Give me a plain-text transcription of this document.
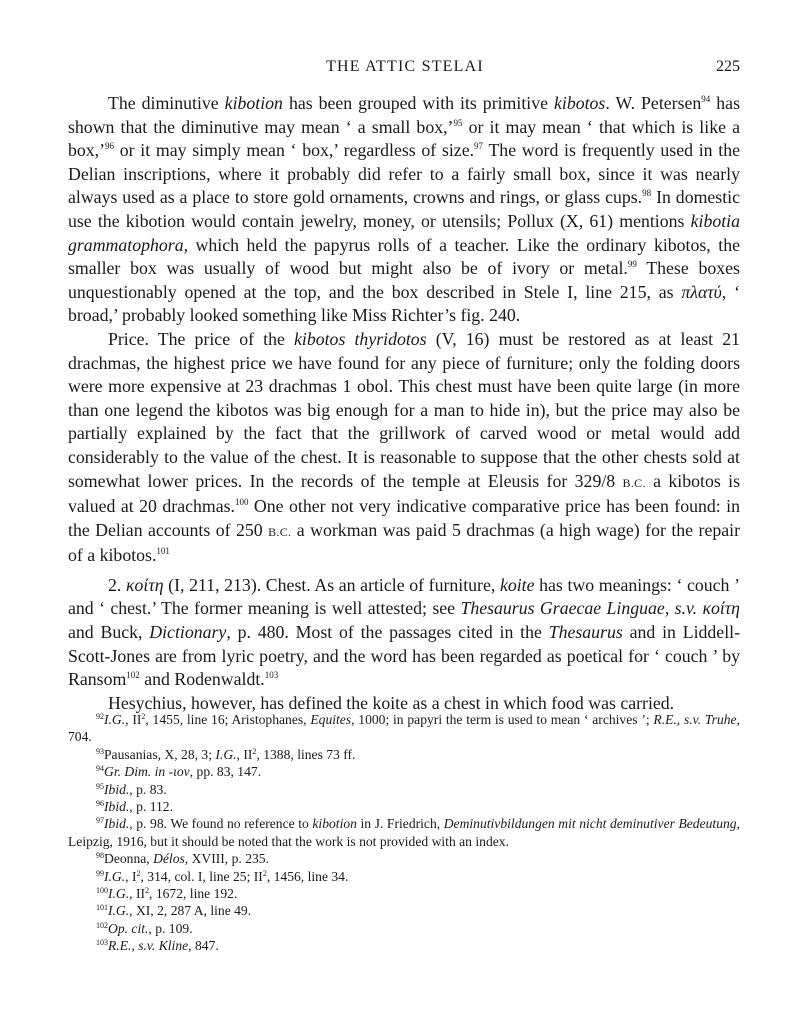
THE ATTIC STELAI	225

The diminutive kibotion has been grouped with its primitive kibotos. W. Petersen$^{94}$ has shown that the diminutive may mean ‘ a small box,’$^{95}$ or it may mean ‘ that which is like a box,’$^{96}$ or it may simply mean ‘ box,’ regardless of size.$^{97}$ The word is frequently used in the Delian inscriptions, where it probably did refer to a fairly small box, since it was nearly always used as a place to store gold ornaments, crowns and rings, or glass cups.$^{98}$ In domestic use the kibotion would contain jewelry, money, or utensils; Pollux (X, 61) mentions kibotia grammatophora, which held the papyrus rolls of a teacher. Like the ordinary kibotos, the smaller box was usually of wood but might also be of ivory or metal.$^{99}$ These boxes unquestionably opened at the top, and the box described in Stele I, line 215, as πλατύ, ‘ broad,’ probably looked something like Miss Richter’s fig. 240.

Price. The price of the kibotos thyridotos (V, 16) must be restored as at least 21 drachmas, the highest price we have found for any piece of furniture; only the folding doors were more expensive at 23 drachmas 1 obol. This chest must have been quite large (in more than one legend the kibotos was big enough for a man to hide in), but the price may also be partially explained by the fact that the grillwork of carved wood or metal would add considerably to the value of the chest. It is reasonable to suppose that the other chests sold at somewhat lower prices. In the records of the temple at Eleusis for 329/8 B.C. a kibotos is valued at 20 drachmas.$^{100}$ One other not very indicative comparative price has been found: in the Delian accounts of 250 B.C. a workman was paid 5 drachmas (a high wage) for the repair of a kibotos.$^{101}$

2. κοίτη (I, 211, 213). Chest. As an article of furniture, koite has two meanings: ‘ couch ’ and ‘ chest.’ The former meaning is well attested; see Thesaurus Graecae Linguae, s.v. κοίτη and Buck, Dictionary, p. 480. Most of the passages cited in the Thesaurus and in Liddell-Scott-Jones are from lyric poetry, and the word has been regarded as poetical for ‘ couch ’ by Ransom$^{102}$ and Rodenwaldt.$^{103}$

Hesychius, however, has defined the koite as a chest in which food was carried.

$^{92}$I.G., $II^2$, 1455, line 16; Aristophanes, Equites, 1000; in papyri the term is used to mean ‘ archives ’; R.E., s.v. Truhe, 704.

$^{93}$Pausanias, X, 28, 3; I.G., $II^2$, 1388, lines 73 ff.

$^{94}$Gr. Dim. in -ιον, pp. 83, 147.

$^{95}$Ibid., p. 83.

$^{96}$Ibid., p. 112.

$^{97}$Ibid., p. 98. We found no reference to kibotion in J. Friedrich, Deminutivbildungen mit nicht deminutiver Bedeutung, Leipzig, 1916, but it should be noted that the work is not provided with an index.

$^{98}$Deonna, Délos, XVIII, p. 235.

$^{99}$I.G., $I^2$, 314, col. I, line 25; $II^2$, 1456, line 34.

$^{100}$I.G., $II^2$, 1672, line 192.

$^{101}$I.G., XI, 2, 287 A, line 49.

$^{102}$Op. cit., p. 109.

$^{103}$R.E., s.v. Kline, 847.
